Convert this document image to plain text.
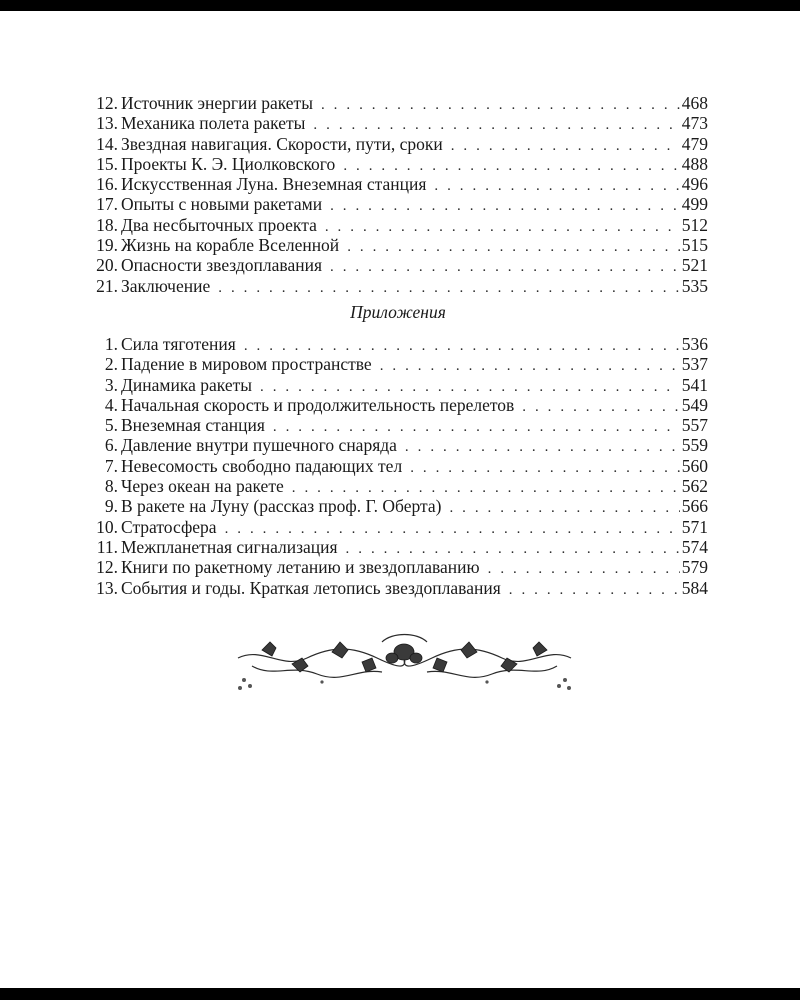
12. Источник энергии ракеты . . .	468
13. Механика полета ракеты . . .	473
14. Звездная навигация. Скорости, пути, сроки . . .	479
15. Проекты К. Э. Циолковского . . .	488
16. Искусственная Луна. Внеземная станция . . .	496
17. Опыты с новыми ракетами . . .	499
18. Два несбыточных проекта . . .	512
19. Жизнь на корабле Вселенной . . .	515
20. Опасности звездоплавания . . .	521
21. Заключение . . .	535
Приложения
1. Сила тяготения . . .	536
2. Падение в мировом пространстве . . .	537
3. Динамика ракеты . . .	541
4. Начальная скорость и продолжительность перелетов . . .	549
5. Внеземная станция . . .	557
6. Давление внутри пушечного снаряда . . .	559
7. Невесомость свободно падающих тел . . .	560
8. Через океан на ракете . . .	562
9. В ракете на Луну (рассказ проф. Г. Оберта) . . .	566
10. Стратосфера . . .	571
11. Межпланетная сигнализация . . .	574
12. Книги по ракетному летанию и звездоплаванию . . .	579
13. События и годы. Краткая летопись звездоплавания . . .	584
